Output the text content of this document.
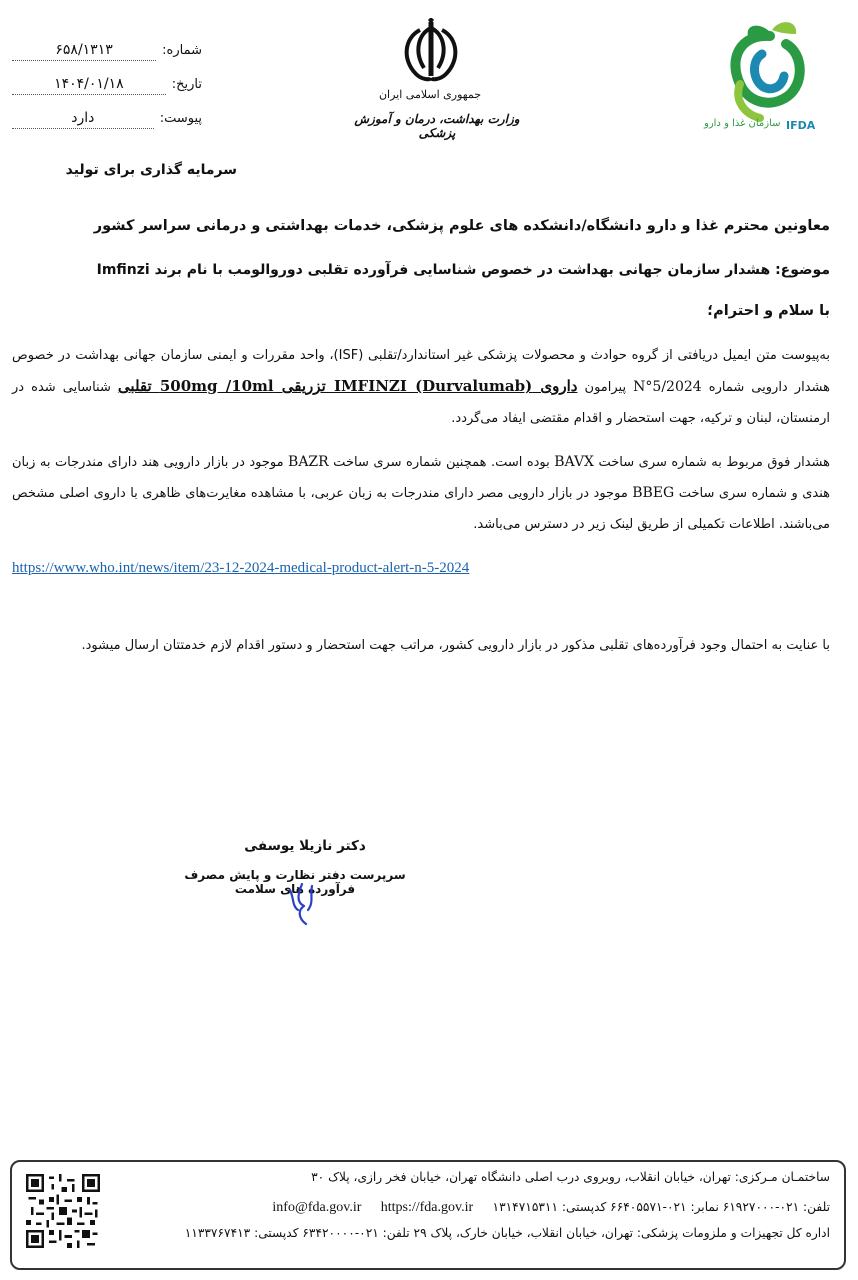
سازمان غذا و دارو IFDA
جمهوری اسلامی ایران
وزارت بهداشت، درمان و آموزش پزشکی
شماره:
۶۵۸/۱۳۱۳
تاریخ:
۱۴۰۴/۰۱/۱۸
پیوست:
دارد
سرمایه گذاری برای تولید
معاونین محترم غذا و دارو دانشگاه/دانشکده های علوم پزشکی، خدمات بهداشتی و درمانی سراسر کشور
موضوع: هشدار سازمان جهانی بهداشت در خصوص شناسایی فرآورده تقلبی دوروالومب با نام برند Imfinzi
با سلام و احترام؛
به‌پیوست متن ایمیل دریافتی از گروه حوادث و محصولات پزشکی غیر استاندارد/تقلبی (ISF)، واحد مقررات و ایمنی سازمان جهانی بهداشت در خصوص هشدار دارویی شماره N°5/2024 پیرامون داروی IMFINZI (Durvalumab) تزریقی 500mg /10ml تقلبی شناسایی شده در ارمنستان، لبنان و ترکیه، جهت استحضار و اقدام مقتضی ایفاد می‌گردد.
هشدار فوق مربوط به شماره سری ساخت BAVX بوده است. همچنین شماره سری ساخت BAZR موجود در بازار دارویی هند دارای مندرجات به زبان هندی و شماره سری ساخت BBEG موجود در بازار دارویی مصر دارای مندرجات به زبان عربی، با مشاهده مغایرت‌های ظاهری با داروی اصلی مشخص می‌باشند. اطلاعات تکمیلی از طریق لینک زیر در دسترس می‌باشد.
https://www.who.int/news/item/23-12-2024-medical-product-alert-n-5-2024
با عنایت به احتمال وجود فرآورده‌های تقلبی مذکور در بازار دارویی کشور، مراتب جهت استحضار و دستور اقدام لازم خدمتتان ارسال میشود.
دکتر نازیلا یوسفی
سرپرست دفتر نظارت و پایش مصرف فرآورده های سلامت
ساختمـان مـرکزی: تهران، خیابان انقلاب، روبروی درب اصلی دانشگاه تهران، خیابان فخر رازی، پلاک ۳۰
تلفن: ۰۲۱-۶۱۹۲۷۰۰۰ نمابر: ۰۲۱-۶۶۴۰۵۵۷۱ کدپستی: ۱۳۱۴۷۱۵۳۱۱     info@fda.gov.ir https://fda.gov.ir
اداره کل تجهیزات و ملزومات پزشکی: تهران، خیابان انقلاب، خیابان خارک، پلاک ۲۹ تلفن: ۰۲۱-۶۳۴۲۰۰۰۰ کدپستی: ۱۱۳۳۷۶۷۴۱۳
